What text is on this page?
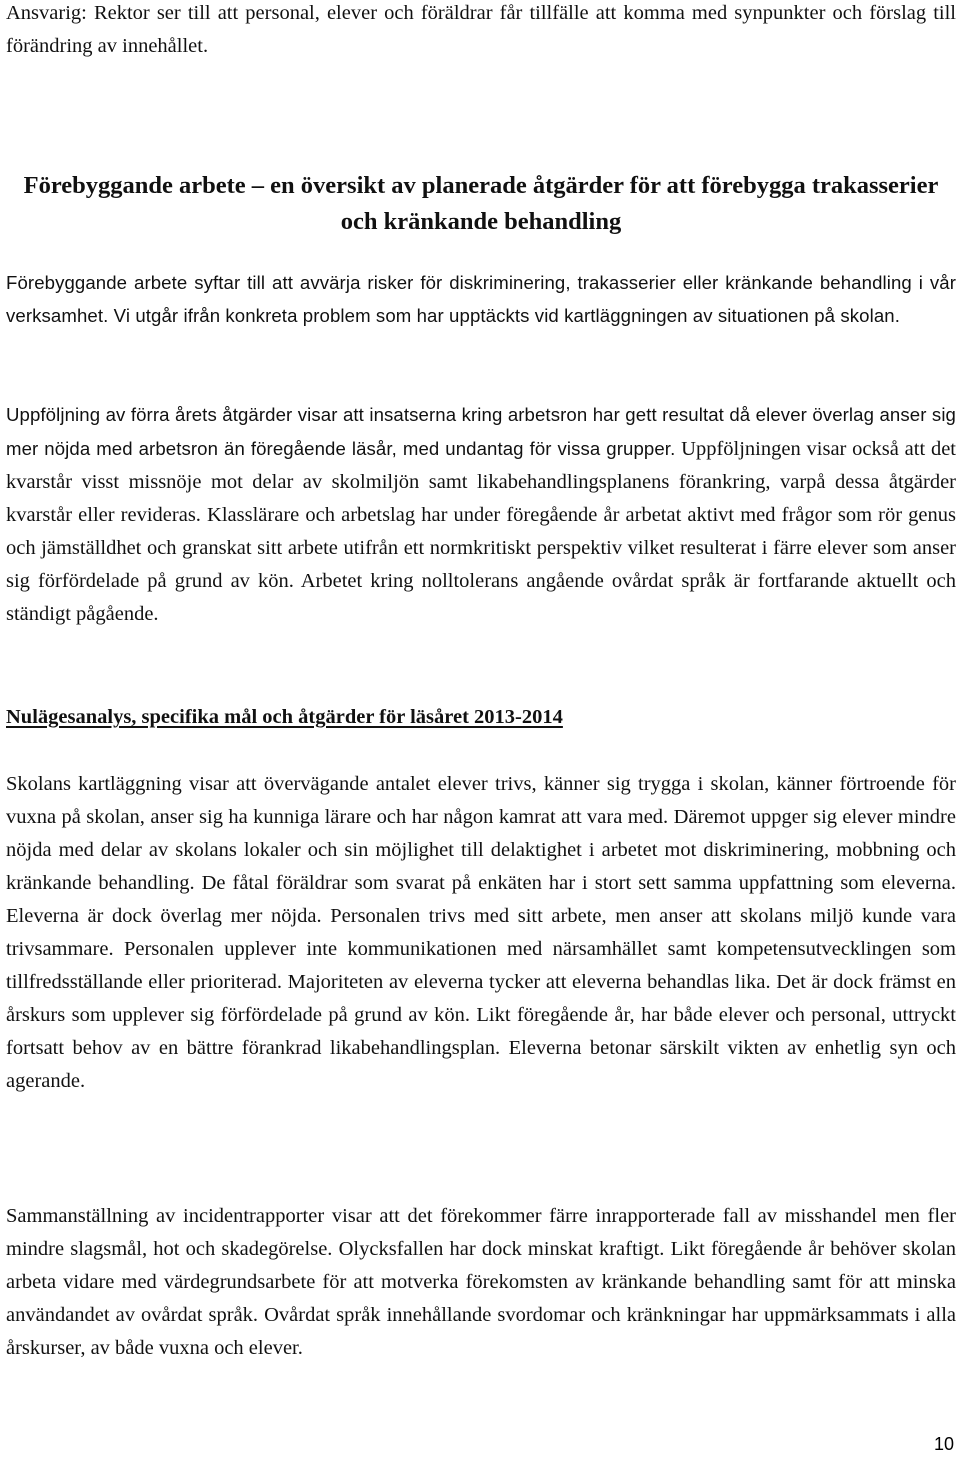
Ansvarig: Rektor ser till att personal, elever och föräldrar får tillfälle att komma med synpunkter och förslag till förändring av innehållet.

Förebyggande arbete – en översikt av planerade åtgärder för att förebygga trakasserier och kränkande behandling

Förebyggande arbete syftar till att avvärja risker för diskriminering, trakasserier eller kränkande behandling i vår verksamhet. Vi utgår ifrån konkreta problem som har upptäckts vid kartläggningen av situationen på skolan.

Uppföljning av förra årets åtgärder visar att insatserna kring arbetsron har gett resultat då elever överlag anser sig mer nöjda med arbetsron än föregående läsår, med undantag för vissa grupper. Uppföljningen visar också att det kvarstår visst missnöje mot delar av skolmiljön samt likabehandlingsplanens förankring, varpå dessa åtgärder kvarstår eller revideras. Klasslärare och arbetslag har under föregående år arbetat aktivt med frågor som rör genus och jämställdhet och granskat sitt arbete utifrån ett normkritiskt perspektiv vilket resulterat i färre elever som anser sig förfördelade på grund av kön. Arbetet kring nolltolerans angående ovårdat språk är fortfarande aktuellt och ständigt pågående.

Nulägesanalys, specifika mål och åtgärder för läsåret 2013-2014

Skolans kartläggning visar att övervägande antalet elever trivs, känner sig trygga i skolan, känner förtroende för vuxna på skolan, anser sig ha kunniga lärare och har någon kamrat att vara med. Däremot uppger sig elever mindre nöjda med delar av skolans lokaler och sin möjlighet till delaktighet i arbetet mot diskriminering, mobbning och kränkande behandling. De fåtal föräldrar som svarat på enkäten har i stort sett samma uppfattning som eleverna. Eleverna är dock överlag mer nöjda. Personalen trivs med sitt arbete, men anser att skolans miljö kunde vara trivsammare. Personalen upplever inte kommunikationen med närsamhället samt kompetensutvecklingen som tillfredsställande eller prioriterad. Majoriteten av eleverna tycker att eleverna behandlas lika. Det är dock främst en årskurs som upplever sig förfördelade på grund av kön. Likt föregående år, har både elever och personal, uttryckt fortsatt behov av en bättre förankrad likabehandlingsplan. Eleverna betonar särskilt vikten av enhetlig syn och agerande.

Sammanställning av incidentrapporter visar att det förekommer färre inrapporterade fall av misshandel men fler mindre slagsmål, hot och skadegörelse. Olycksfallen har dock minskat kraftigt. Likt föregående år behöver skolan arbeta vidare med värdegrundsarbete för att motverka förekomsten av kränkande behandling samt för att minska användandet av ovårdat språk. Ovårdat språk innehållande svordomar och kränkningar har uppmärksammats i alla årskurser, av både vuxna och elever.

10
